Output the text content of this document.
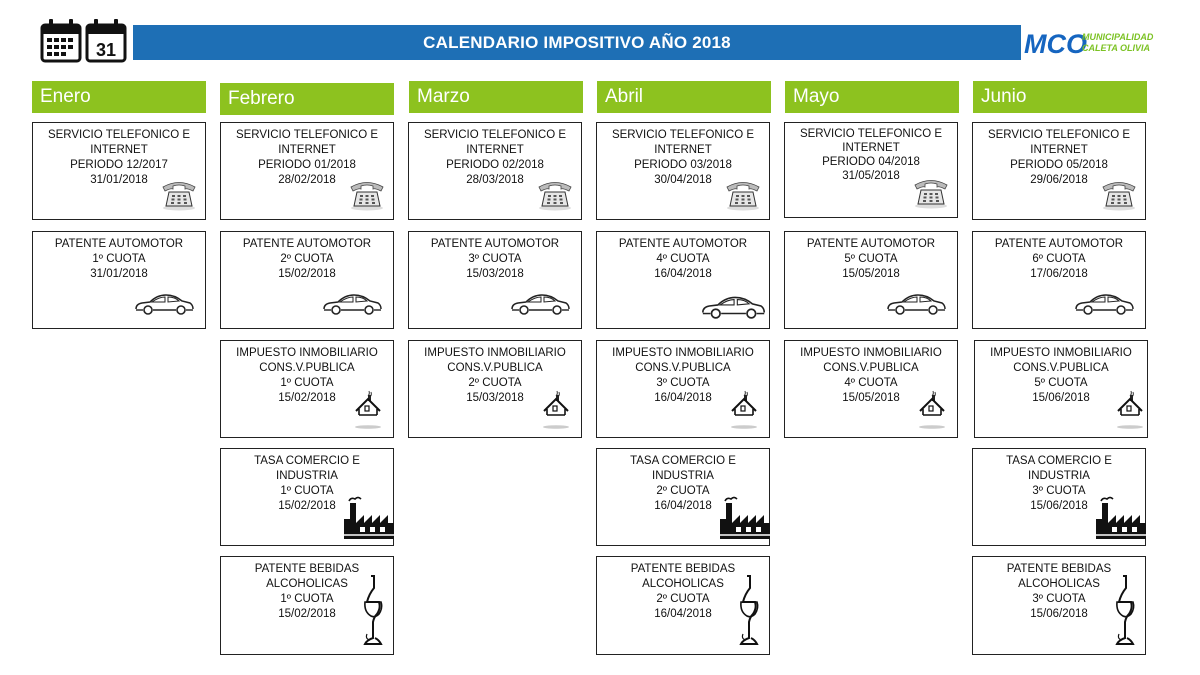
31	CALENDARIO IMPOSITIVO AÑO 2018	MCO
MUNICIPALIDAD
CALETA OLIVIA
Enero	Febrero	Marzo	Abril	Mayo	Junio
SERVICIO TELEFONICO E
INTERNET
PERIODO 12/2017
31/01/2018
SERVICIO TELEFONICO E
INTERNET
PERIODO 01/2018
28/02/2018
SERVICIO TELEFONICO E
INTERNET
PERIODO 02/2018
28/03/2018
SERVICIO TELEFONICO E
INTERNET
PERIODO 03/2018
30/04/2018
SERVICIO TELEFONICO E
INTERNET
PERIODO 04/2018
31/05/2018
SERVICIO TELEFONICO E
INTERNET
PERIODO 05/2018
29/06/2018
PATENTE AUTOMOTOR
1º CUOTA
31/01/2018
PATENTE AUTOMOTOR
2º CUOTA
15/02/2018
PATENTE AUTOMOTOR
3º CUOTA
15/03/2018
PATENTE AUTOMOTOR
4º CUOTA
16/04/2018
PATENTE AUTOMOTOR
5º CUOTA
15/05/2018
PATENTE AUTOMOTOR
6º CUOTA
17/06/2018
IMPUESTO INMOBILIARIO
CONS.V.PUBLICA
1º CUOTA
15/02/2018
IMPUESTO INMOBILIARIO
CONS.V.PUBLICA
2º CUOTA
15/03/2018
IMPUESTO INMOBILIARIO
CONS.V.PUBLICA
3º CUOTA
16/04/2018
IMPUESTO INMOBILIARIO
CONS.V.PUBLICA
4º CUOTA
15/05/2018
IMPUESTO INMOBILIARIO
CONS.V.PUBLICA
5º CUOTA
15/06/2018
TASA COMERCIO E
INDUSTRIA
1º CUOTA
15/02/2018
TASA COMERCIO E
INDUSTRIA
2º CUOTA
16/04/2018
TASA COMERCIO E
INDUSTRIA
3º CUOTA
15/06/2018
PATENTE BEBIDAS
ALCOHOLICAS
1º CUOTA
15/02/2018
PATENTE BEBIDAS
ALCOHOLICAS
2º CUOTA
16/04/2018
PATENTE BEBIDAS
ALCOHOLICAS
3º CUOTA
15/06/2018
